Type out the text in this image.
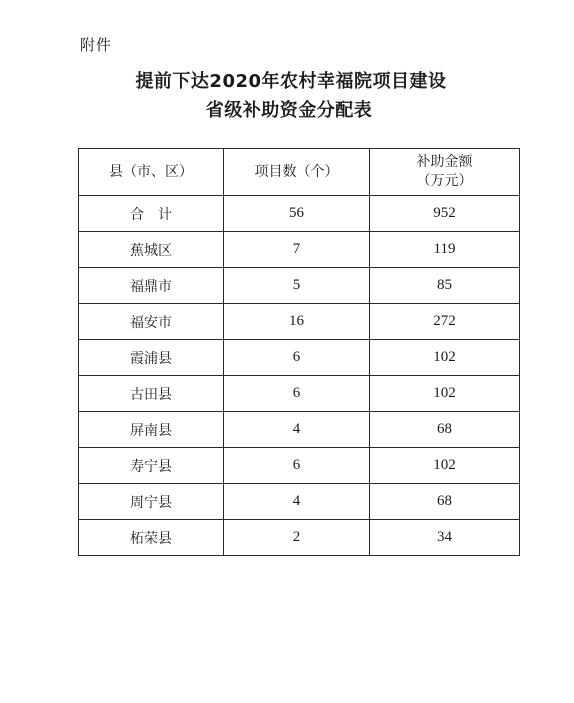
附件
提前下达2020年农村幸福院项目建设
省级补助资金分配表
县（市、区）	项目数（个）	补助金额
（万元）

合计	56	952
蕉城区	7	119
福鼎市	5	85
福安市	16	272
霞浦县	6	102
古田县	6	102
屏南县	4	68
寿宁县	6	102
周宁县	4	68
柘荣县	2	34
